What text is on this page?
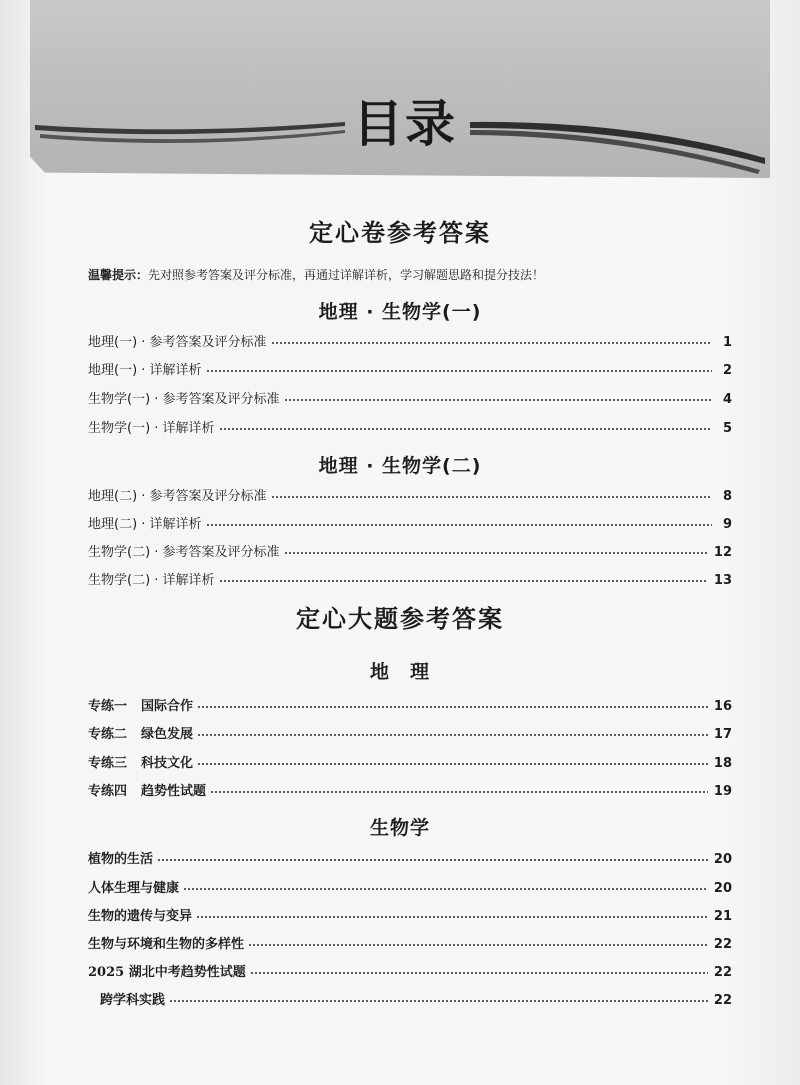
目录
定心卷参考答案
温馨提示：先对照参考答案及评分标准，再通过详解详析，学习解题思路和提分技法！
地理 · 生物学(一)
地理(一) · 参考答案及评分标准	1
地理(一) · 详解详析	2
生物学(一) · 参考答案及评分标准	4
生物学(一) · 详解详析	5
地理 · 生物学(二)
地理(二) · 参考答案及评分标准	8
地理(二) · 详解详析	9
生物学(二) · 参考答案及评分标准	12
生物学(二) · 详解详析	13
定心大题参考答案
地　理
专练一 国际合作	16
专练二 绿色发展	17
专练三 科技文化	18
专练四 趋势性试题	19
生物学
植物的生活	20
人体生理与健康	20
生物的遗传与变异	21
生物与环境和生物的多样性	22
2025 湖北中考趋势性试题	22
跨学科实践	22
